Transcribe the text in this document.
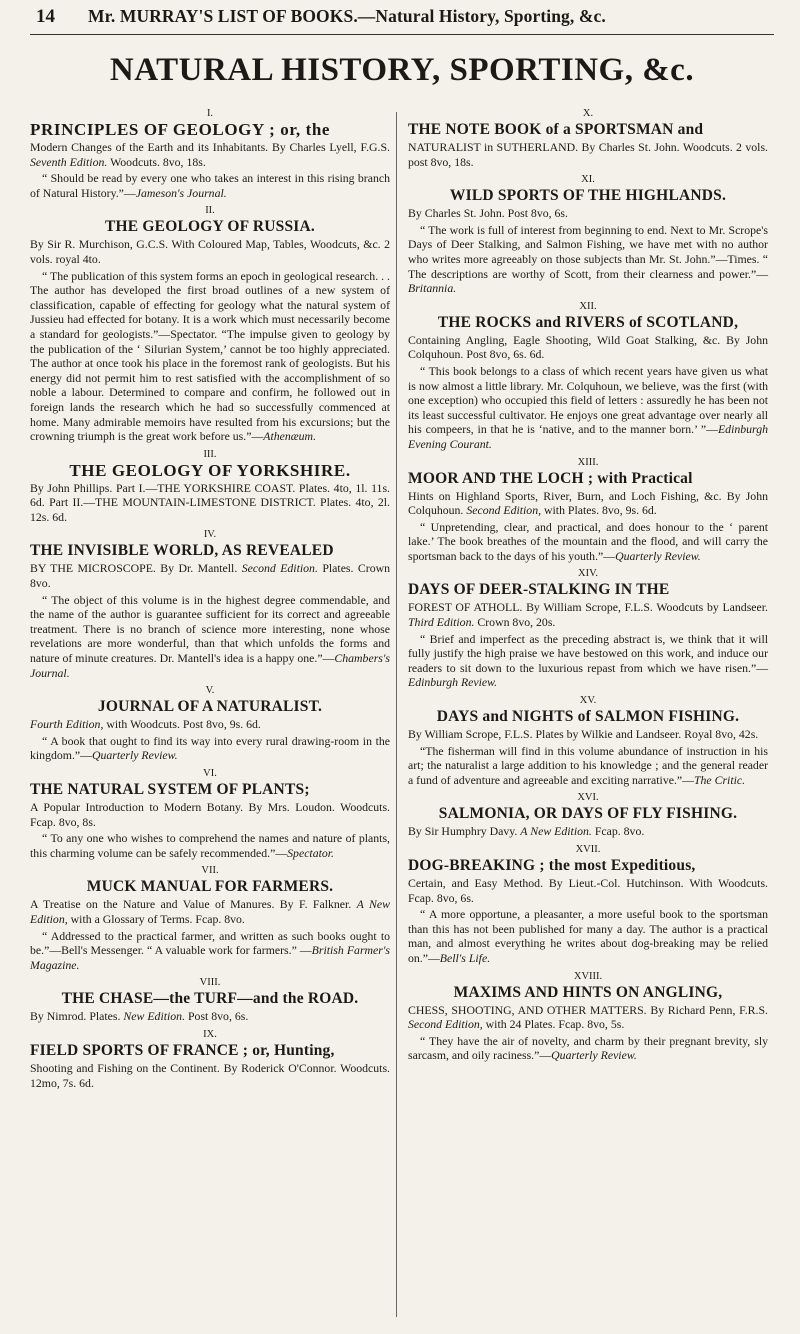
14 Mr. MURRAY'S LIST OF BOOKS.—Natural History, Sporting, &c.
NATURAL HISTORY, SPORTING, &c.

I.

PRINCIPLES OF GEOLOGY ; or, the

Modern Changes of the Earth and its Inhabitants. By Charles Lyell, F.G.S. Seventh Edition. Woodcuts. 8vo, 18s.

“ Should be read by every one who takes an interest in this rising branch of Natural History.”—Jameson's Journal.

II.

THE GEOLOGY OF RUSSIA.

By Sir R. Murchison, G.C.S. With Coloured Map, Tables, Woodcuts, &c. 2 vols. royal 4to.

“ The publication of this system forms an epoch in geological research. . . The author has developed the first broad outlines of a new system of classification, capable of effecting for geology what the natural system of Jussieu had effected for botany. It is a work which must necessarily become a standard for geologists.”—Spectator. “The impulse given to geology by the publication of the ‘ Silurian System,’ cannot be too highly appreciated. The author at once took his place in the foremost rank of geologists. But his energy did not permit him to rest satisfied with the accomplishment of so noble a labour. Determined to compare and confirm, he followed out in foreign lands the research which he had so successfully commenced at home. Many admirable memoirs have resulted from his excursions; but the crowning triumph is the great work before us.”—Athenæum.

III.

THE GEOLOGY OF YORKSHIRE.

By John Phillips. Part I.—THE YORKSHIRE COAST. Plates. 4to, 1l. 11s. 6d. Part II.—THE MOUNTAIN-LIMESTONE DISTRICT. Plates. 4to, 2l. 12s. 6d.

IV.

THE INVISIBLE WORLD, AS REVEALED

BY THE MICROSCOPE. By Dr. Mantell. Second Edition. Plates. Crown 8vo.

“ The object of this volume is in the highest degree commendable, and the name of the author is guarantee sufficient for its correct and agreeable treatment. There is no branch of science more interesting, none whose revelations are more wonderful, than that which unfolds the forms and nature of minute creatures. Dr. Mantell's idea is a happy one.”—Chambers's Journal.

V.

JOURNAL OF A NATURALIST.

Fourth Edition, with Woodcuts. Post 8vo, 9s. 6d.

“ A book that ought to find its way into every rural drawing-room in the kingdom.”—Quarterly Review.

VI.

THE NATURAL SYSTEM OF PLANTS;

A Popular Introduction to Modern Botany. By Mrs. Loudon. Woodcuts. Fcap. 8vo, 8s.

“ To any one who wishes to comprehend the names and nature of plants, this charming volume can be safely recommended.”—Spectator.

VII.

MUCK MANUAL FOR FARMERS.

A Treatise on the Nature and Value of Manures. By F. Falkner. A New Edition, with a Glossary of Terms. Fcap. 8vo.

“ Addressed to the practical farmer, and written as such books ought to be.”—Bell's Messenger. “ A valuable work for farmers.” —British Farmer's Magazine.

VIII.

THE CHASE—the TURF—and the ROAD.

By Nimrod. Plates. New Edition. Post 8vo, 6s.

IX.

FIELD SPORTS OF FRANCE ; or, Hunting,

Shooting and Fishing on the Continent. By Roderick O'Connor. Woodcuts. 12mo, 7s. 6d.

X.

THE NOTE BOOK of a SPORTSMAN and

NATURALIST in SUTHERLAND. By Charles St. John. Woodcuts. 2 vols. post 8vo, 18s.

XI.

WILD SPORTS OF THE HIGHLANDS.

By Charles St. John. Post 8vo, 6s.

“ The work is full of interest from beginning to end. Next to Mr. Scrope's Days of Deer Stalking, and Salmon Fishing, we have met with no author who writes more agreeably on those subjects than Mr. St. John.”—Times. “ The descriptions are worthy of Scott, from their clearness and power.”—Britannia.

XII.

THE ROCKS and RIVERS of SCOTLAND,

Containing Angling, Eagle Shooting, Wild Goat Stalking, &c. By John Colquhoun. Post 8vo, 6s. 6d.

“ This book belongs to a class of which recent years have given us what is now almost a little library. Mr. Colquhoun, we believe, was the first (with one exception) who occupied this field of letters : assuredly he has been not its least successful cultivator. He enjoys one great advantage over nearly all his compeers, in that he is ‘native, and to the manner born.’ ”—Edinburgh Evening Courant.

XIII.

MOOR AND THE LOCH ; with Practical

Hints on Highland Sports, River, Burn, and Loch Fishing, &c. By John Colquhoun. Second Edition, with Plates. 8vo, 9s. 6d.

“ Unpretending, clear, and practical, and does honour to the ‘ parent lake.’ The book breathes of the mountain and the flood, and will carry the sportsman back to the days of his youth.”—Quarterly Review.

XIV.

DAYS OF DEER-STALKING IN THE

FOREST OF ATHOLL. By William Scrope, F.L.S. Woodcuts by Landseer. Third Edition. Crown 8vo, 20s.

“ Brief and imperfect as the preceding abstract is, we think that it will fully justify the high praise we have bestowed on this work, and induce our readers to sit down to the luxurious repast from which we have risen.”—Edinburgh Review.

XV.

DAYS and NIGHTS of SALMON FISHING.

By William Scrope, F.L.S. Plates by Wilkie and Landseer. Royal 8vo, 42s.

“The fisherman will find in this volume abundance of instruction in his art; the naturalist a large addition to his knowledge ; and the general reader a fund of adventure and agreeable and exciting narrative.”—The Critic.

XVI.

SALMONIA, OR DAYS OF FLY FISHING.

By Sir Humphry Davy. A New Edition. Fcap. 8vo.

XVII.

DOG-BREAKING ; the most Expeditious,

Certain, and Easy Method. By Lieut.-Col. Hutchinson. With Woodcuts. Fcap. 8vo, 6s.

“ A more opportune, a pleasanter, a more useful book to the sportsman than this has not been published for many a day. The author is a practical man, and almost everything he writes about dog-breaking may be relied on.”—Bell's Life.

XVIII.

MAXIMS AND HINTS ON ANGLING,

CHESS, SHOOTING, AND OTHER MATTERS. By Richard Penn, F.R.S. Second Edition, with 24 Plates. Fcap. 8vo, 5s.

“ They have the air of novelty, and charm by their pregnant brevity, sly sarcasm, and oily raciness.”—Quarterly Review.
